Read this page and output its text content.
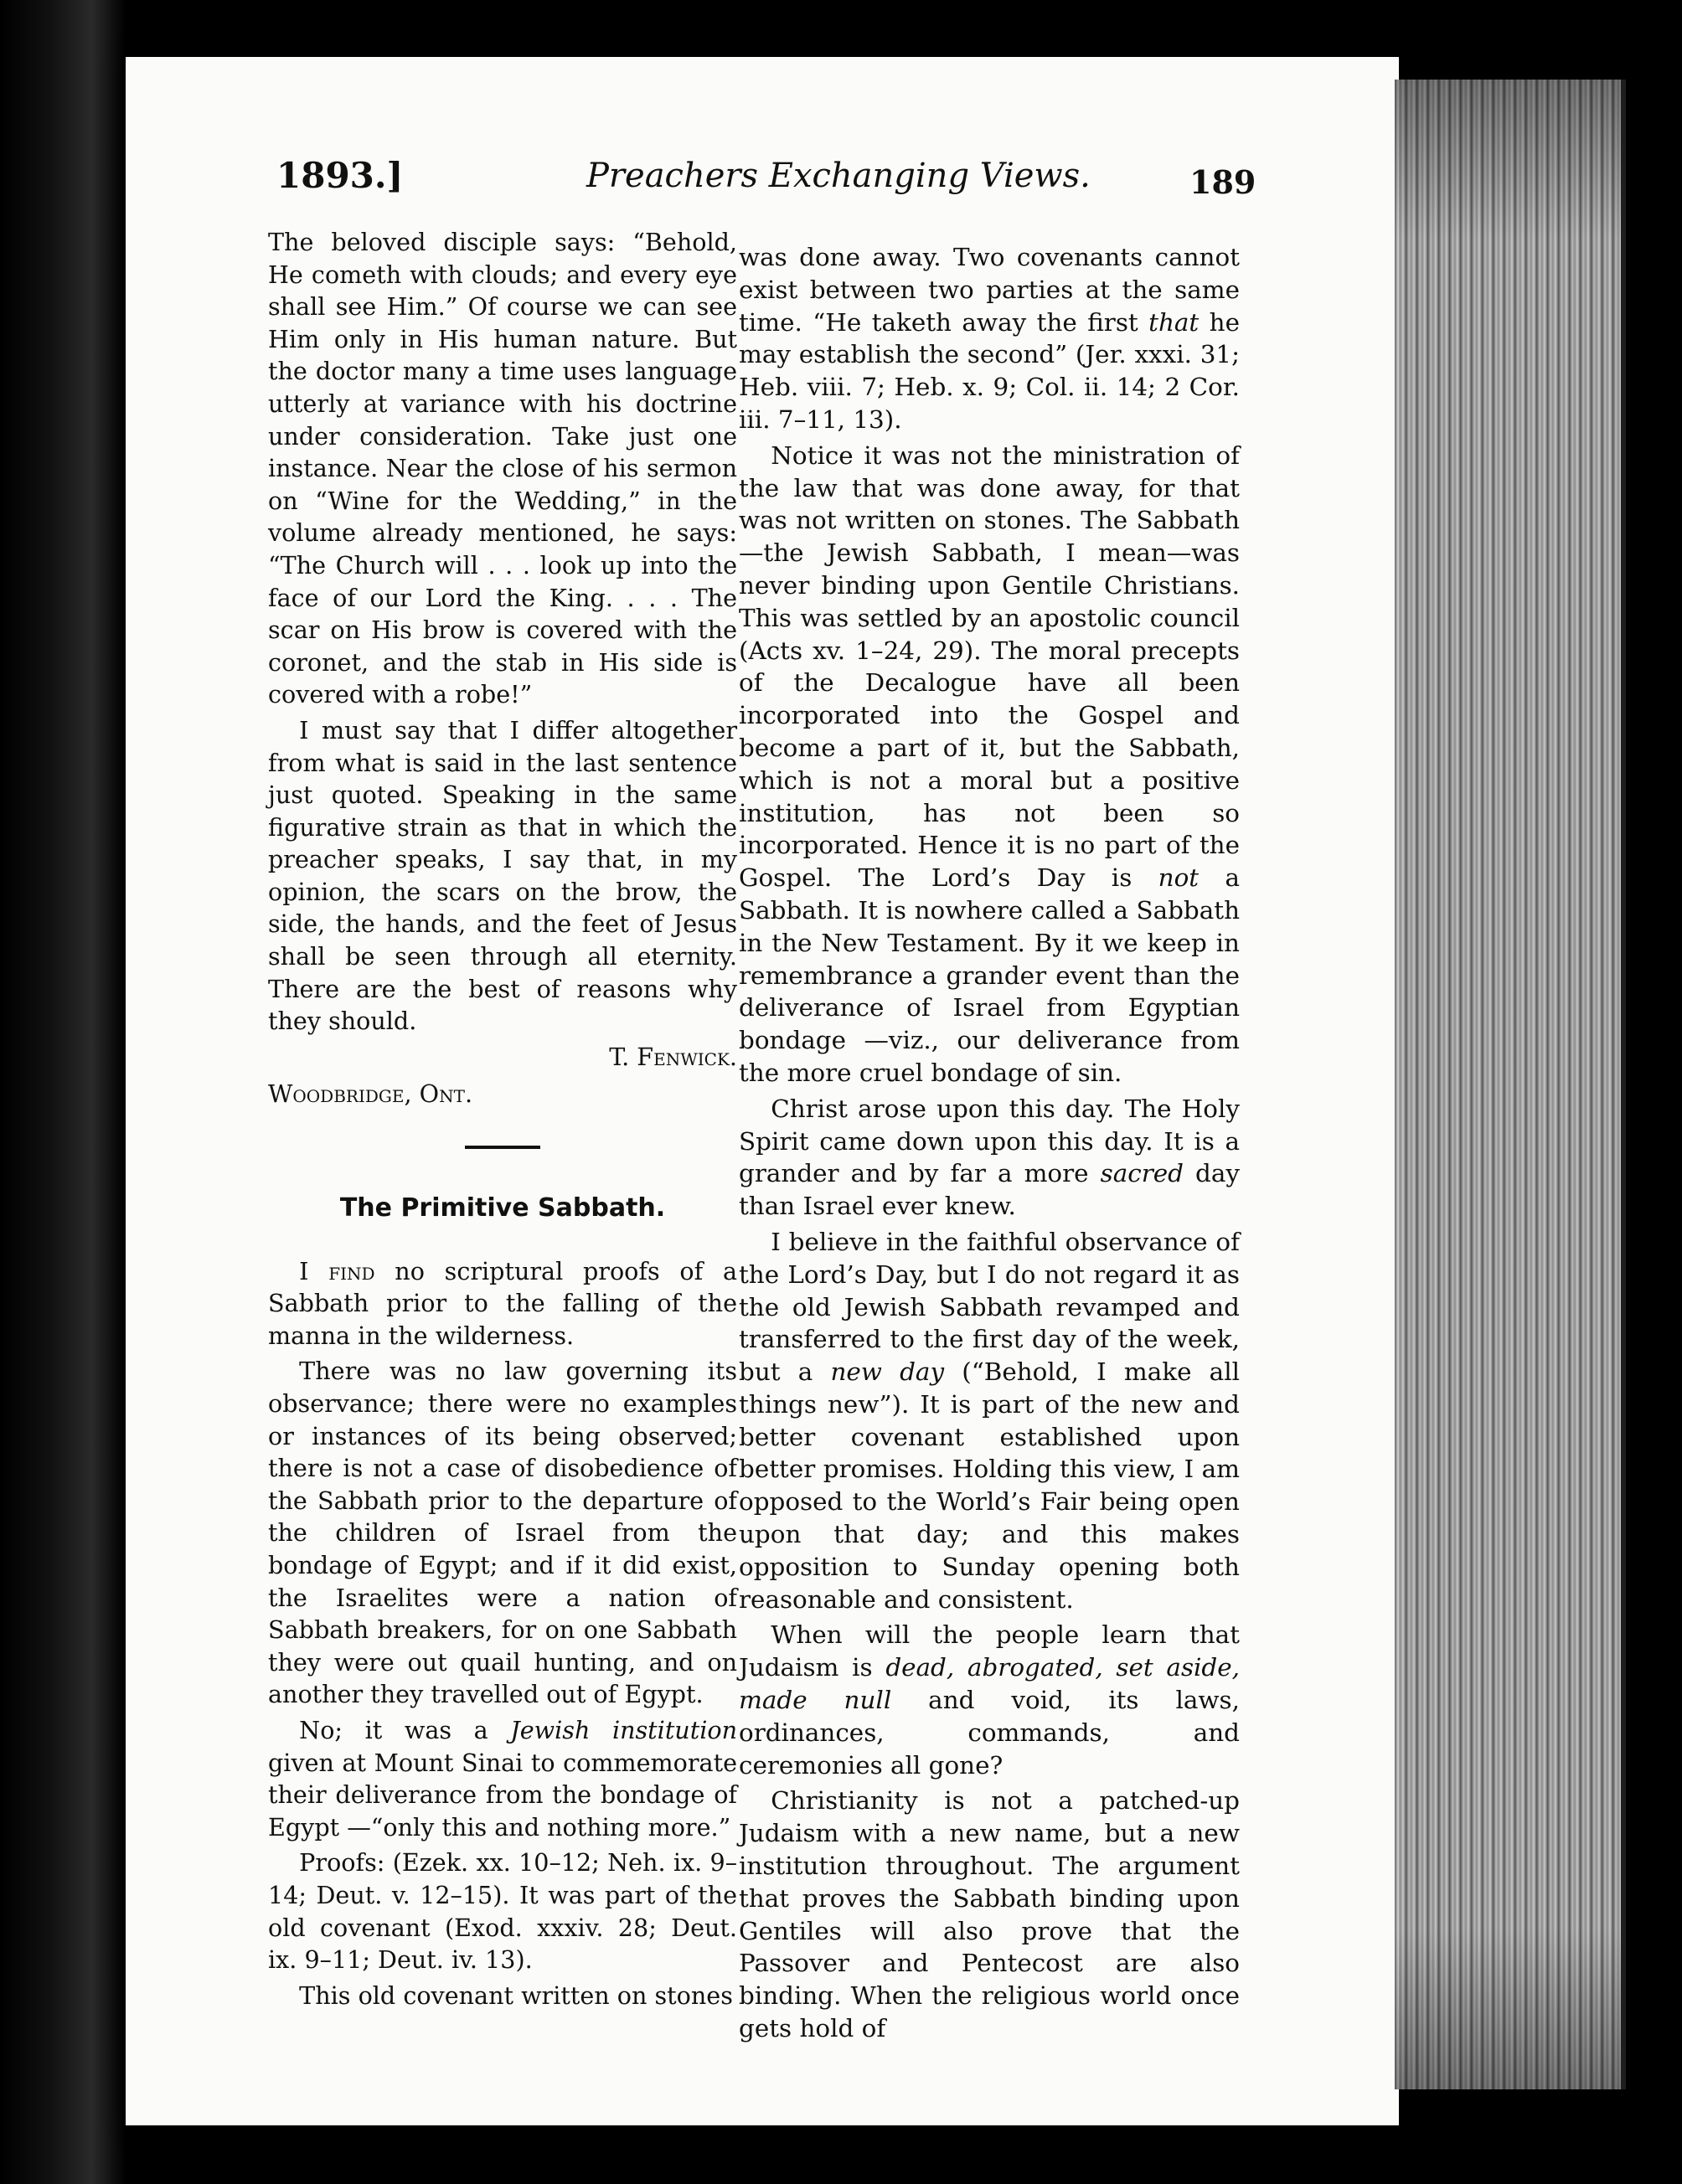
1893.]	Preachers Exchanging Views.	189

The beloved disciple says: “Behold, He cometh with clouds; and every eye shall see Him.” Of course we can see Him only in His human nature. But the doctor many a time uses language utterly at variance with his doctrine under consideration. Take just one instance. Near the close of his sermon on “Wine for the Wedding,” in the volume already mentioned, he says: “The Church will . . . look up into the face of our Lord the King. . . . The scar on His brow is covered with the coronet, and the stab in His side is covered with a robe!”

I must say that I differ altogether from what is said in the last sentence just quoted. Speaking in the same figurative strain as that in which the preacher speaks, I say that, in my opinion, the scars on the brow, the side, the hands, and the feet of Jesus shall be seen through all eternity. There are the best of reasons why they should.

T. Fenwick.

Woodbridge, Ont.

The Primitive Sabbath.

I find no scriptural proofs of a Sabbath prior to the falling of the manna in the wilderness.

There was no law governing its observance; there were no examples or instances of its being observed; there is not a case of disobedience of the Sabbath prior to the departure of the children of Israel from the bondage of Egypt; and if it did exist, the Israelites were a nation of Sabbath breakers, for on one Sabbath they were out quail hunting, and on another they travelled out of Egypt.

No; it was a Jewish institution given at Mount Sinai to commemorate their deliverance from the bondage of Egypt —“only this and nothing more.”

Proofs: (Ezek. xx. 10–12; Neh. ix. 9–14; Deut. v. 12–15). It was part of the old covenant (Exod. xxxiv. 28; Deut. ix. 9–11; Deut. iv. 13).

This old covenant written on stones

was done away. Two covenants cannot exist between two parties at the same time. “He taketh away the first that he may establish the second” (Jer. xxxi. 31; Heb. viii. 7; Heb. x. 9; Col. ii. 14; 2 Cor. iii. 7–11, 13).

Notice it was not the ministration of the law that was done away, for that was not written on stones. The Sabbath—the Jewish Sabbath, I mean—was never binding upon Gentile Christians. This was settled by an apostolic council (Acts xv. 1–24, 29). The moral precepts of the Decalogue have all been incorporated into the Gospel and become a part of it, but the Sabbath, which is not a moral but a positive institution, has not been so incorporated. Hence it is no part of the Gospel. The Lord’s Day is not a Sabbath. It is nowhere called a Sabbath in the New Testament. By it we keep in remembrance a grander event than the deliverance of Israel from Egyptian bondage —viz., our deliverance from the more cruel bondage of sin.

Christ arose upon this day. The Holy Spirit came down upon this day. It is a grander and by far a more sacred day than Israel ever knew.

I believe in the faithful observance of the Lord’s Day, but I do not regard it as the old Jewish Sabbath revamped and transferred to the first day of the week, but a new day (“Behold, I make all things new”). It is part of the new and better covenant established upon better promises. Holding this view, I am opposed to the World’s Fair being open upon that day; and this makes opposition to Sunday opening both reasonable and consistent.

When will the people learn that Judaism is dead, abrogated, set aside, made null and void, its laws, ordinances, commands, and ceremonies all gone?

Christianity is not a patched-up Judaism with a new name, but a new institution throughout. The argument that proves the Sabbath binding upon Gentiles will also prove that the Passover and Pentecost are also binding. When the religious world once gets hold of
